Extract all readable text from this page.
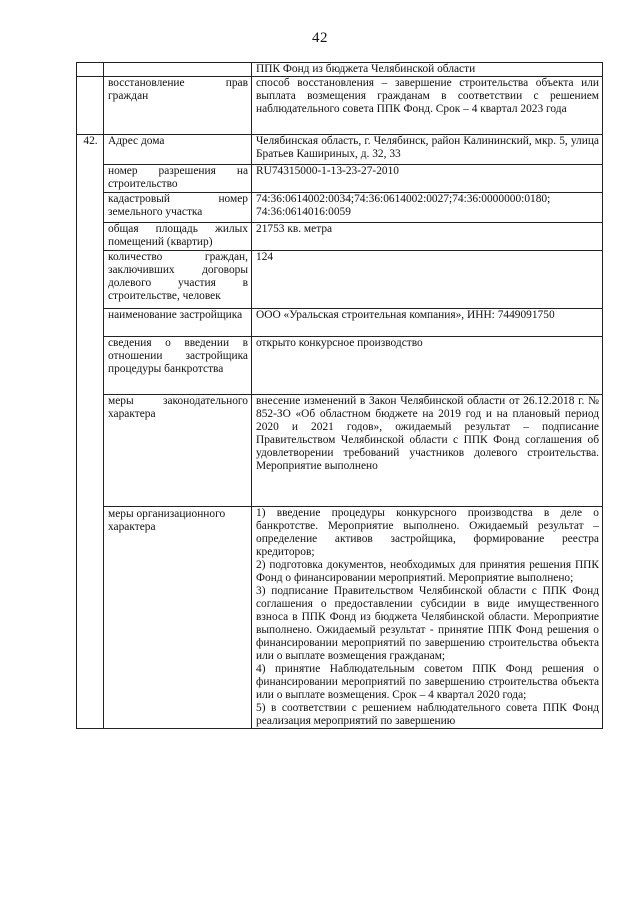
42
		ППК Фонд из бюджета Челябинской области
	восстановление прав граждан	способ восстановления – завершение строительства объекта или выплата возмещения гражданам в соответствии с решением наблюдательного совета ППК Фонд. Срок – 4 квартал 2023 года
42.	Адрес дома	Челябинская область, г. Челябинск, район Калининский, мкр. 5, улица Братьев Кашириных, д. 32, 33
	номер разрешения на строительство	RU74315000-1-13-23-27-2010
	кадастровый номер земельного участка	74:36:0614002:0034;74:36:0614002:0027;74:36:0000000:0180; 74:36:0614016:0059
	общая площадь жилых помещений (квартир)	21753 кв. метра
	количество граждан, заключивших договоры долевого участия в строительстве, человек	124
	наименование застройщика	ООО «Уральская строительная компания», ИНН: 7449091750
	сведения о введении в отношении застройщика процедуры банкротства	открыто конкурсное производство
	меры законодательного характера	внесение изменений в Закон Челябинской области от 26.12.2018 г. № 852-ЗО «Об областном бюджете на 2019 год и на плановый период 2020 и 2021 годов», ожидаемый результат – подписание Правительством Челябинской области с ППК Фонд соглашения об удовлетворении требований участников долевого строительства. Мероприятие выполнено

	меры организационного характера	1) введение процедуры конкурсного производства в деле о банкротстве. Мероприятие выполнено. Ожидаемый результат – определение активов застройщика, формирование реестра кредиторов;
2) подготовка документов, необходимых для принятия решения ППК Фонд о финансировании мероприятий. Мероприятие выполнено;
3) подписание Правительством Челябинской области с ППК Фонд соглашения о предоставлении субсидии в виде имущественного взноса в ППК Фонд из бюджета Челябинской области. Мероприятие выполнено. Ожидаемый результат - принятие ППК Фонд решения о финансировании мероприятий по завершению строительства объекта или о выплате возмещения гражданам;
4) принятие Наблюдательным советом ППК Фонд решения о финансировании мероприятий по завершению строительства объекта или о выплате возмещения. Срок – 4 квартал 2020 года;
5) в соответствии с решением наблюдательного совета ППК Фонд реализация мероприятий по завершению
